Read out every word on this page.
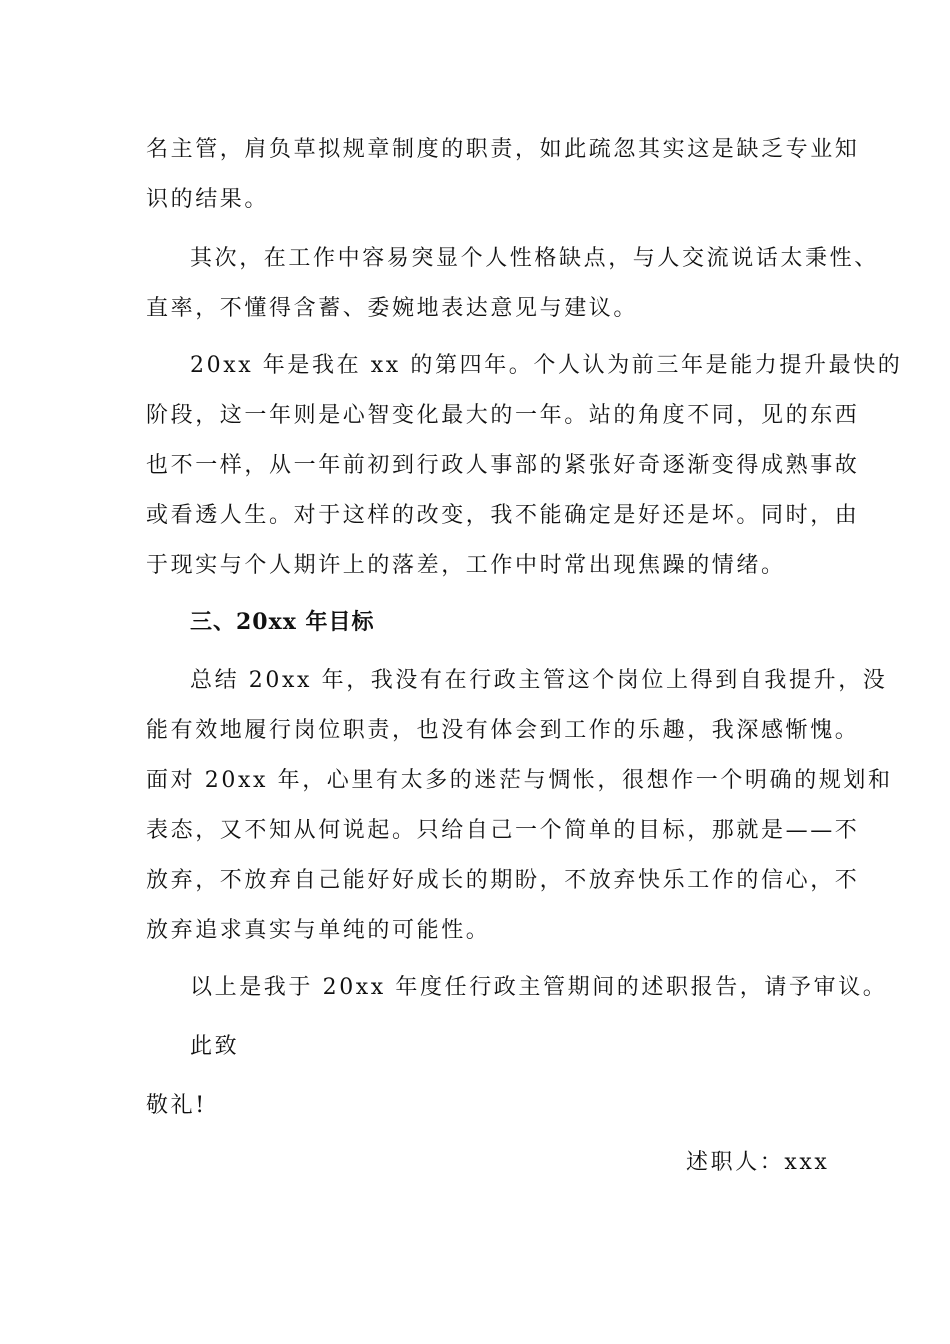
名主管，肩负草拟规章制度的职责，如此疏忽其实这是缺乏专业知
识的结果。
其次，在工作中容易突显个人性格缺点，与人交流说话太秉性、
直率，不懂得含蓄、委婉地表达意见与建议。
20xx 年是我在 xx 的第四年。个人认为前三年是能力提升最快的
阶段，这一年则是心智变化最大的一年。站的角度不同，见的东西
也不一样，从一年前初到行政人事部的紧张好奇逐渐变得成熟事故
或看透人生。对于这样的改变，我不能确定是好还是坏。同时，由
于现实与个人期许上的落差，工作中时常出现焦躁的情绪。
三、20xx 年目标
总结 20xx 年，我没有在行政主管这个岗位上得到自我提升，没
能有效地履行岗位职责，也没有体会到工作的乐趣，我深感惭愧。
面对 20xx 年，心里有太多的迷茫与惆怅，很想作一个明确的规划和
表态，又不知从何说起。只给自己一个简单的目标，那就是——不
放弃，不放弃自己能好好成长的期盼，不放弃快乐工作的信心，不
放弃追求真实与单纯的可能性。
以上是我于 20xx 年度任行政主管期间的述职报告，请予审议。
此致
敬礼!
述职人：xxx
